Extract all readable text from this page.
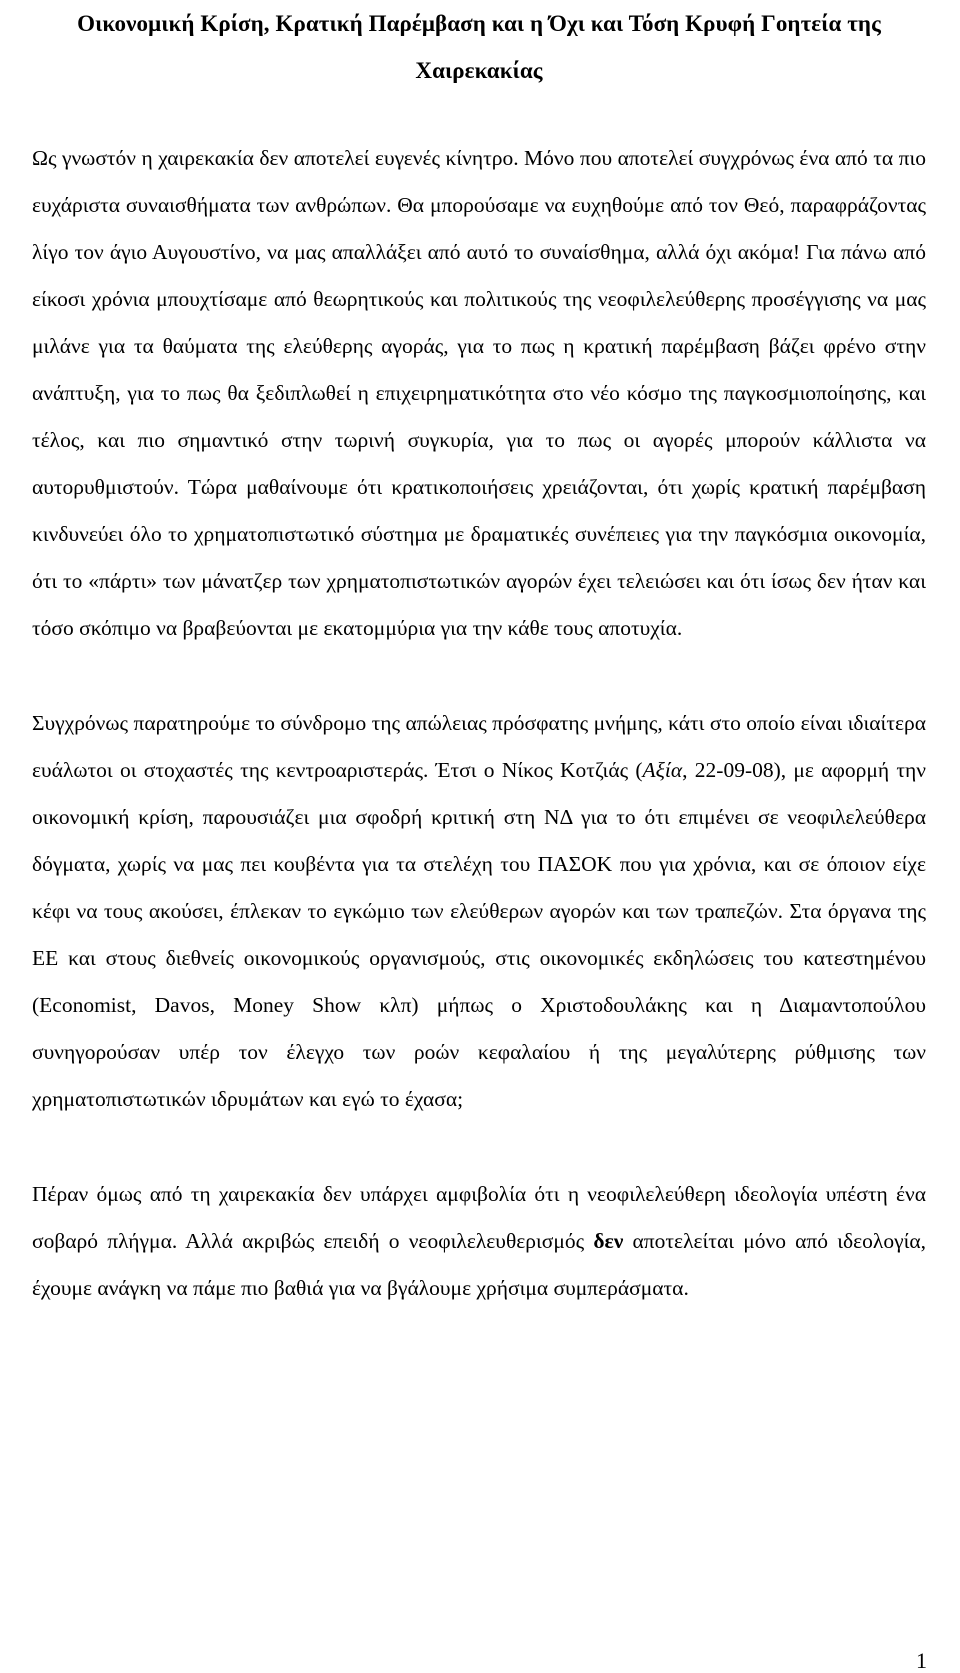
Οικονομική Κρίση, Κρατική Παρέμβαση και η Όχι και Τόση Κρυφή Γοητεία της Χαιρεκακίας

Ως γνωστόν η χαιρεκακία δεν αποτελεί ευγενές κίνητρο. Μόνο που αποτελεί συγχρόνως ένα από τα πιο ευχάριστα συναισθήματα των ανθρώπων. Θα μπορούσαμε να ευχηθούμε από τον Θεό, παραφράζοντας λίγο τον άγιο Αυγουστίνο, να μας απαλλάξει από αυτό το συναίσθημα, αλλά όχι ακόμα! Για πάνω από είκοσι χρόνια μπουχτίσαμε από θεωρητικούς και πολιτικούς της νεοφιλελεύθερης προσέγγισης να μας μιλάνε για τα θαύματα της ελεύθερης αγοράς, για το πως η κρατική παρέμβαση βάζει φρένο στην ανάπτυξη, για το πως θα ξεδιπλωθεί η επιχειρηματικότητα στο νέο κόσμο της παγκοσμιοποίησης, και τέλος, και πιο σημαντικό στην τωρινή συγκυρία, για το πως οι αγορές μπορούν κάλλιστα να αυτορυθμιστούν. Τώρα μαθαίνουμε ότι κρατικοποιήσεις χρειάζονται, ότι χωρίς κρατική παρέμβαση κινδυνεύει όλο το χρηματοπιστωτικό σύστημα με δραματικές συνέπειες για την παγκόσμια οικονομία, ότι το «πάρτι» των μάνατζερ των χρηματοπιστωτικών αγορών έχει τελειώσει και ότι ίσως δεν ήταν και τόσο σκόπιμο να βραβεύονται με εκατομμύρια για την κάθε τους αποτυχία.

Συγχρόνως παρατηρούμε το σύνδρομο της απώλειας πρόσφατης μνήμης, κάτι στο οποίο είναι ιδιαίτερα ευάλωτοι οι στοχαστές της κεντροαριστεράς. Έτσι ο Νίκος Κοτζιάς (Αξία, 22-09-08), με αφορμή την οικονομική κρίση, παρουσιάζει μια σφοδρή κριτική στη ΝΔ για το ότι επιμένει σε νεοφιλελεύθερα δόγματα, χωρίς να μας πει κουβέντα για τα στελέχη του ΠΑΣΟΚ που για χρόνια, και σε όποιον είχε κέφι να τους ακούσει, έπλεκαν το εγκώμιο των ελεύθερων αγορών και των τραπεζών. Στα όργανα της ΕΕ και στους διεθνείς οικονομικούς οργανισμούς, στις οικονομικές εκδηλώσεις του κατεστημένου (Economist, Davos, Money Show κλπ) μήπως ο Χριστοδουλάκης και η Διαμαντοπούλου συνηγορούσαν υπέρ τον έλεγχο των ροών κεφαλαίου ή της μεγαλύτερης ρύθμισης των χρηματοπιστωτικών ιδρυμάτων και εγώ το έχασα;

Πέραν όμως από τη χαιρεκακία δεν υπάρχει αμφιβολία ότι η νεοφιλελεύθερη ιδεολογία υπέστη ένα σοβαρό πλήγμα. Αλλά ακριβώς επειδή ο νεοφιλελευθερισμός δεν αποτελείται μόνο από ιδεολογία, έχουμε ανάγκη να πάμε πιο βαθιά για να βγάλουμε χρήσιμα συμπεράσματα.

1
